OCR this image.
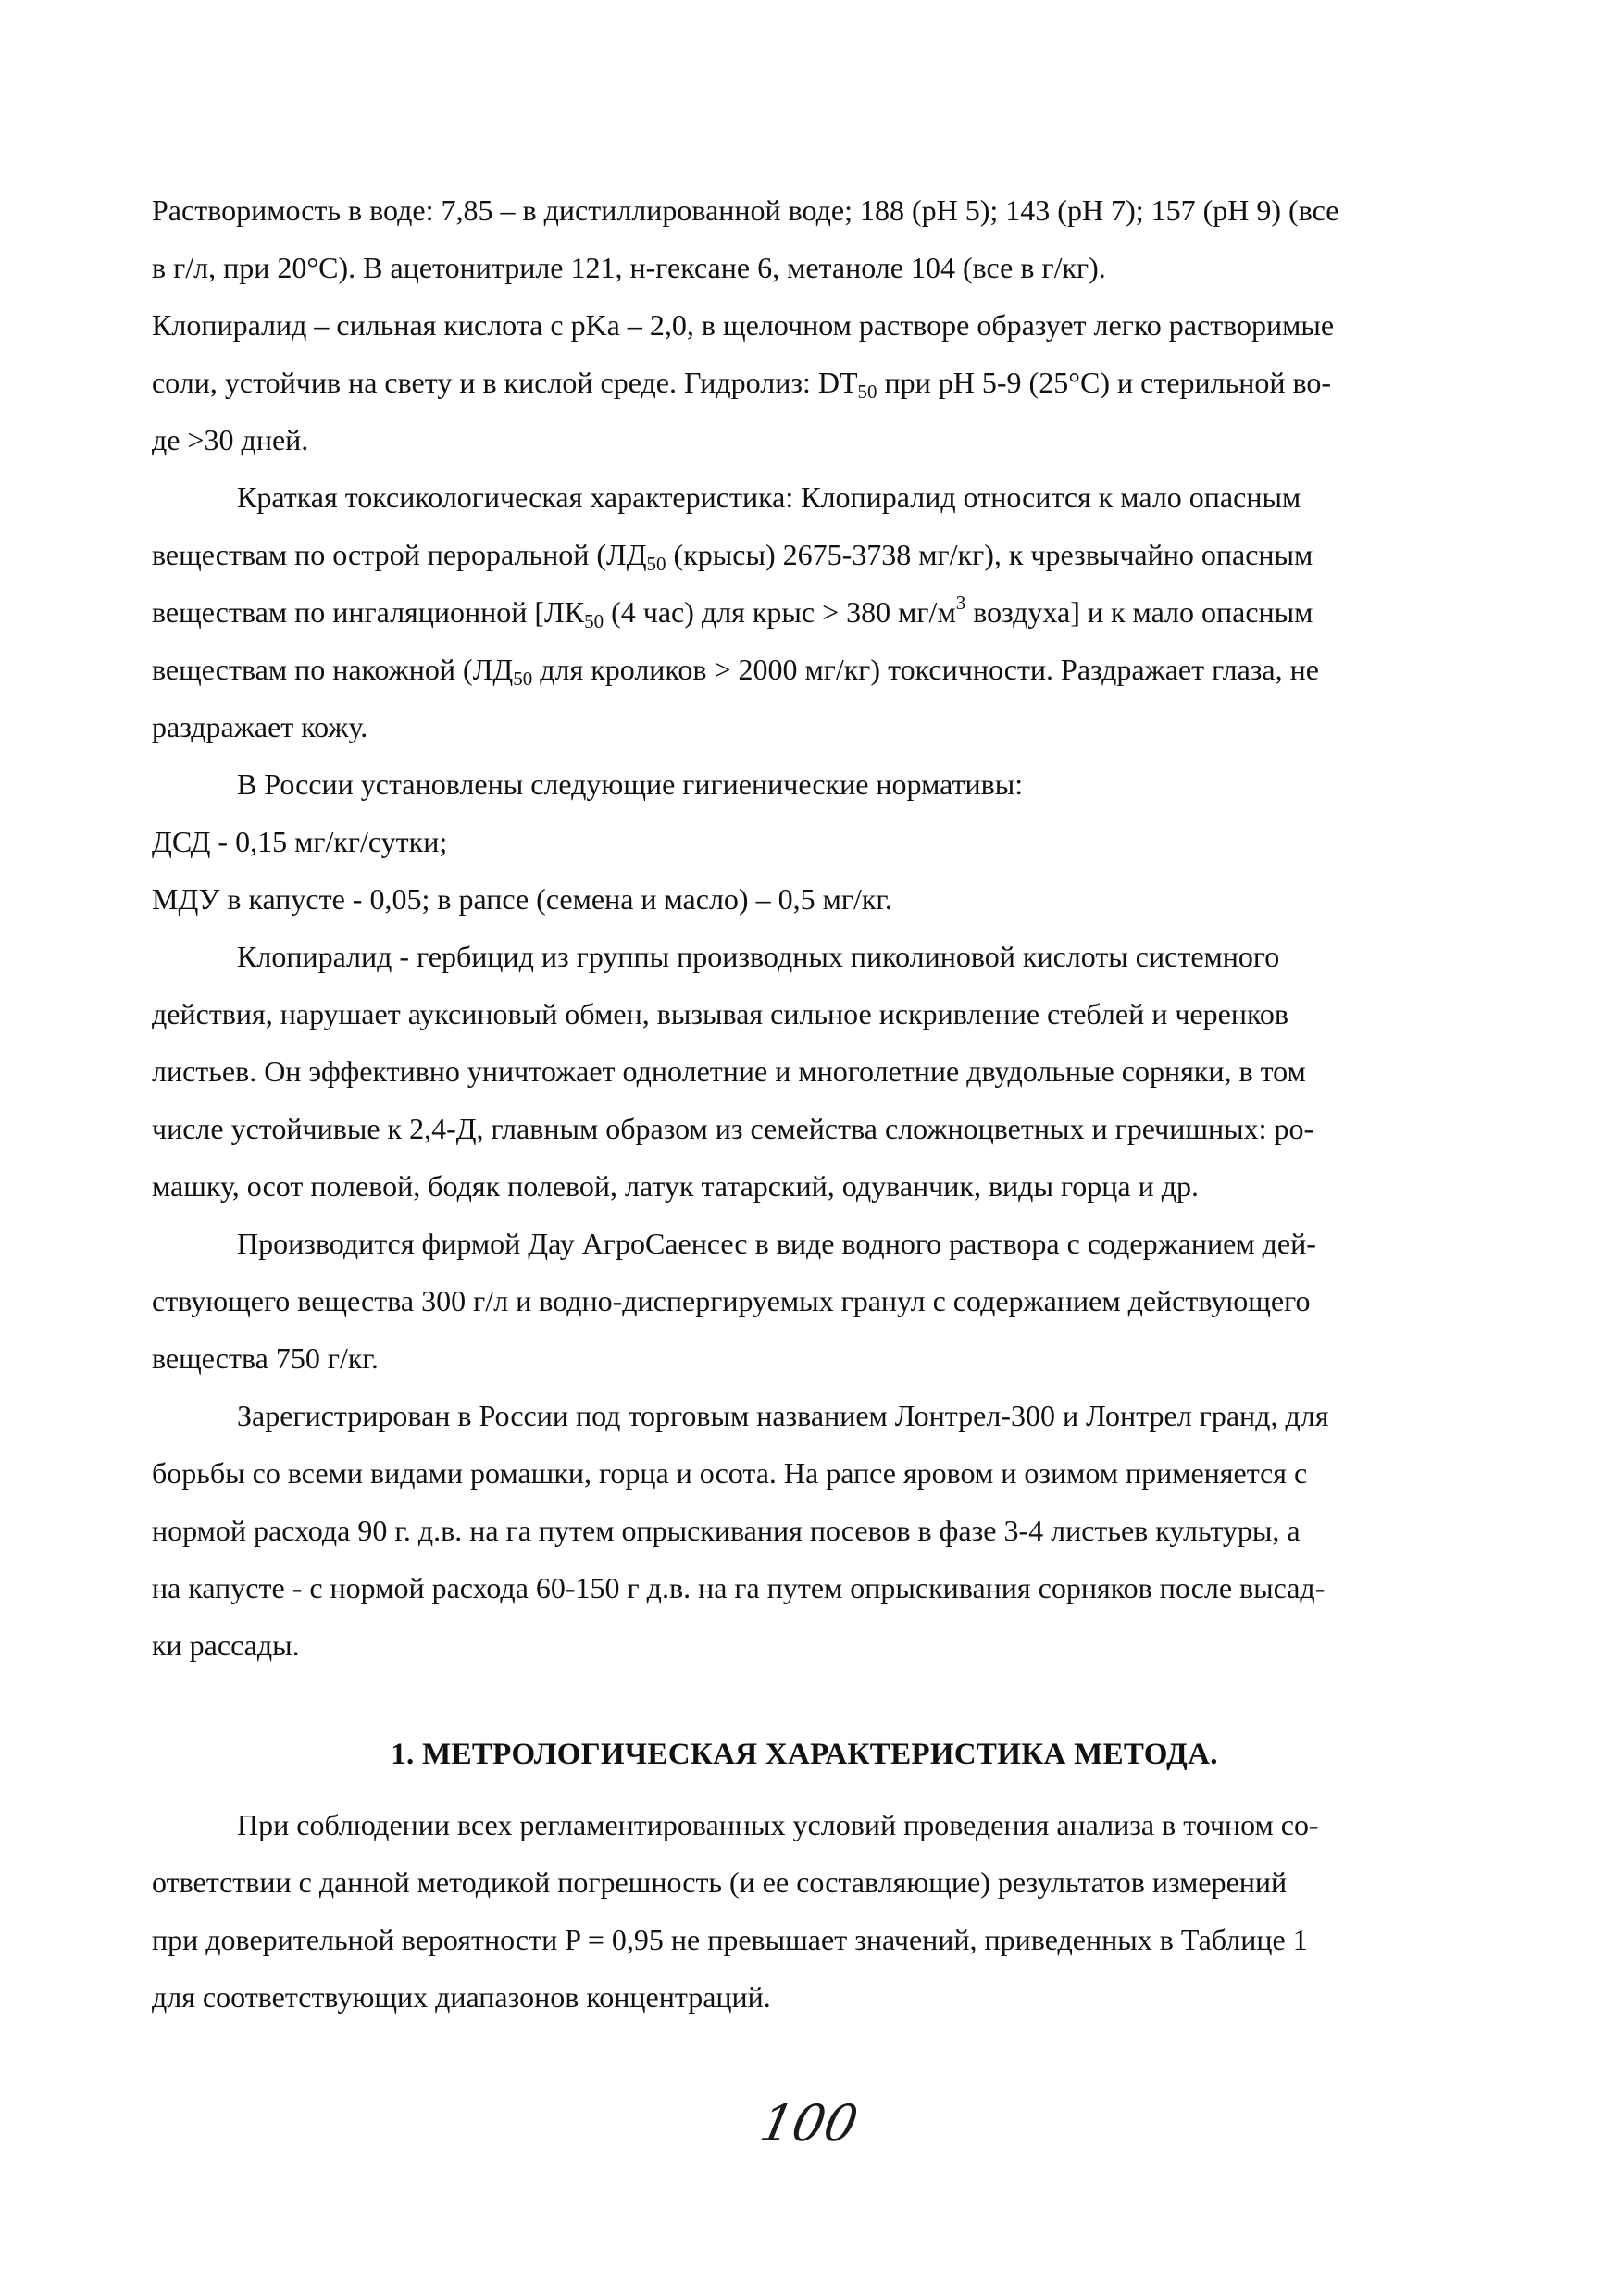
Растворимость в воде: 7,85 – в дистиллированной воде; 188 (pH 5); 143 (pH 7); 157 (pH 9) (все
в г/л, при 20°C). В ацетонитриле 121, н-гексане 6, метаноле 104 (все в г/кг).
Клопиралид – сильная кислота с pKa – 2,0, в щелочном растворе образует легко растворимые
соли, устойчив на свету и в кислой среде. Гидролиз: $DT_{50}$ при pH 5-9 (25°C) и стерильной во-
де >30 дней.
Краткая токсикологическая характеристика: Клопиралид относится к мало опасным
веществам по острой пероральной ($ЛД_{50}$ (крысы) 2675-3738 мг/кг), к чрезвычайно опасным
веществам по ингаляционной [$ЛК_{50}$ (4 час) для крыс > 380 $мг/м^3$ воздуха] и к мало опасным
веществам по накожной ($ЛД_{50}$ для кроликов > 2000 мг/кг) токсичности. Раздражает глаза, не
раздражает кожу.
В России установлены следующие гигиенические нормативы:
ДСД - 0,15 мг/кг/сутки;
МДУ в капусте - 0,05; в рапсе (семена и масло) – 0,5 мг/кг.
Клопиралид - гербицид из группы производных пиколиновой кислоты системного
действия, нарушает ауксиновый обмен, вызывая сильное искривление стеблей и черенков
листьев. Он эффективно уничтожает однолетние и многолетние двудольные сорняки, в том
числе устойчивые к 2,4-Д, главным образом из семейства сложноцветных и гречишных: ро-
машку, осот полевой, бодяк полевой, латук татарский, одуванчик, виды горца и др.
Производится фирмой Дау АгроСаенсес в виде водного раствора с содержанием дей-
ствующего вещества 300 г/л и водно-диспергируемых гранул с содержанием действующего
вещества 750 г/кг.
Зарегистрирован в России под торговым названием Лонтрел-300 и Лонтрел гранд, для
борьбы со всеми видами ромашки, горца и осота. На рапсе яровом и озимом применяется с
нормой расхода 90 г. д.в. на га путем опрыскивания посевов в фазе 3-4 листьев культуры, а
на капусте - с нормой расхода 60-150 г д.в. на га путем опрыскивания сорняков после высад-
ки рассады.
1. МЕТРОЛОГИЧЕСКАЯ ХАРАКТЕРИСТИКА МЕТОДА.
При соблюдении всех регламентированных условий проведения анализа в точном со-
ответствии с данной методикой погрешность (и ее составляющие) результатов измерений
при доверительной вероятности P = 0,95 не превышает значений, приведенных в Таблице 1
для соответствующих диапазонов концентраций.
100
